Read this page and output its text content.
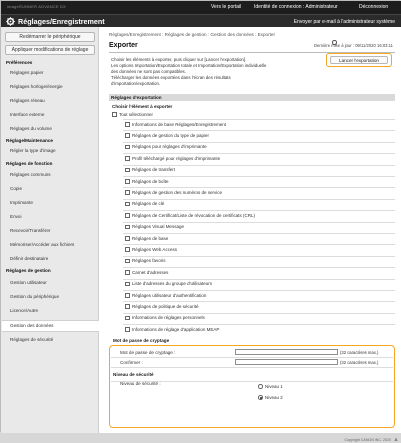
imageRUNNER ADVANCE DX	Vers le portail	Identité de connexion : Administrateur	Déconnexion
Réglages/Enregistrement	Envoyer par e-mail à l'administrateur système
Redémarrer le périphérique
Appliquer modifications de réglage
Préférences
Réglages papier
Réglages horloge/énergie
Réglages réseau
Interface externe
Réglages du volume
Réglage/Maintenance
Régler la type d'image
Réglages de fonction
Réglages communs
Copie
Imprimante
Envoi
Recevoir/Transférer
Mémoriser/Accéder aux fichiers
Définir destinataire
Réglages de gestion
Gestion utilisateur
Gestion du périphérique
Licence/Autre
Gestion des données
Réglages de sécurité
Réglages/Enregistrement : Réglages de gestion : Gestion des données : Exporter
Exporter	Dernière mise à jour : 09/11/2020 16:03:11
Choisir les éléments à exporter, puis cliquer sur [Lancer l'exportation].
Les options Importation/Exportation totale et Importation/Exportation individuelle
des données ne sont pas compatibles.
Télécharger les données exportées dans l'écran des résultats
d'importation/exportation.
Lancer l'exportation
Réglages d'exportation
Choisir l'élément à exporter
Tout sélectionner
Informations de base Réglages/Enregistrement
Réglages de gestion du type de papier
Réglages pour réglages d'imprimante
Profil téléchargé pour réglages d'imprimante
Réglages de transfert
Réglages de boîte
Réglages de gestion des numéros de service
Réglages de clé
Réglages de Certificat/Liste de révocation de certificats (CRL)
Réglages Visual Message
Réglages de base
Réglages Web Access
Réglages favoris
Carnet d'adresses
Liste d'adresses du groupe d'utilisateurs
Réglages utilisateur d'authentification
Réglages de politique de sécurité
Informations de réglages personnels
Informations de réglage d'application MEAP
Mot de passe de cryptage
Mot de passe de cryptage :	(32 caractères max.)
Confirmer :	(32 caractères max.)
Niveau de sécurité
Niveau de sécurité :	Niveau 1
Niveau 2
Copyright CANON INC. 2020 ▲
